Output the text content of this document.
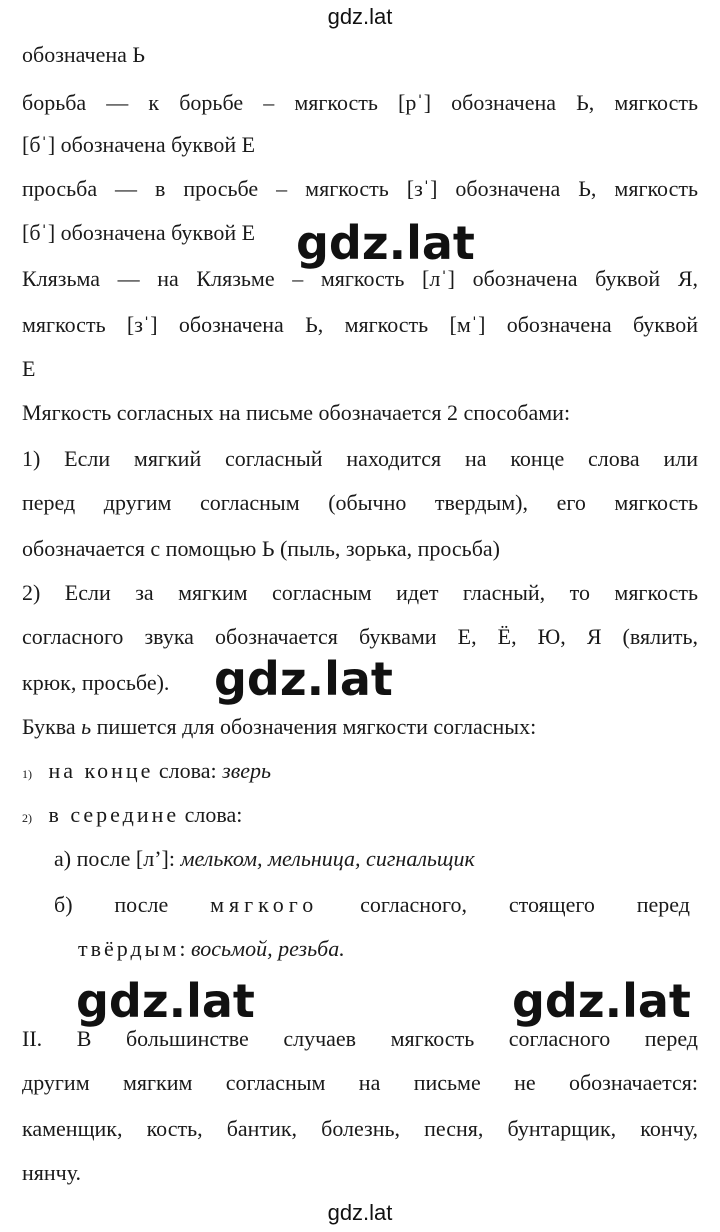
gdz.lat
обозначена Ь
борьба — к борьбе – мягкость [рˈ] обозначена Ь, мягкость
[бˈ] обозначена буквой Е
просьба — в просьбе – мягкость [зˈ] обозначена Ь, мягкость
[бˈ] обозначена буквой Е
Клязьма — на Клязьме – мягкость [лˈ] обозначена буквой Я,
мягкость [зˈ] обозначена Ь, мягкость [мˈ] обозначена буквой
Е
Мягкость согласных на письме обозначается 2 способами:
1) Если мягкий согласный находится на конце слова или
перед другим согласным (обычно твердым), его мягкость
обозначается с помощью Ь (пыль, зорька, просьба)
2) Если за мягким согласным идет гласный, то мягкость
согласного звука обозначается буквами Е, Ё, Ю, Я (вялить,
крюк, просьбе).
Буква ь пишется для обозначения мягкости согласных:
1) на конце слова: зверь
2) в середине слова:
а) после [л’]: мельком, мельница, сигнальщик
б) после мягкого согласного, стоящего перед
твёрдым: восьмой, резьба.
II. В большинстве случаев мягкость согласного перед
другим мягким согласным на письме не обозначается:
каменщик, кость, бантик, болезнь, песня, бунтарщик, кончу,
нянчу.
gdz.lat
gdz.lat
gdz.lat	gdz.lat
gdz.lat
